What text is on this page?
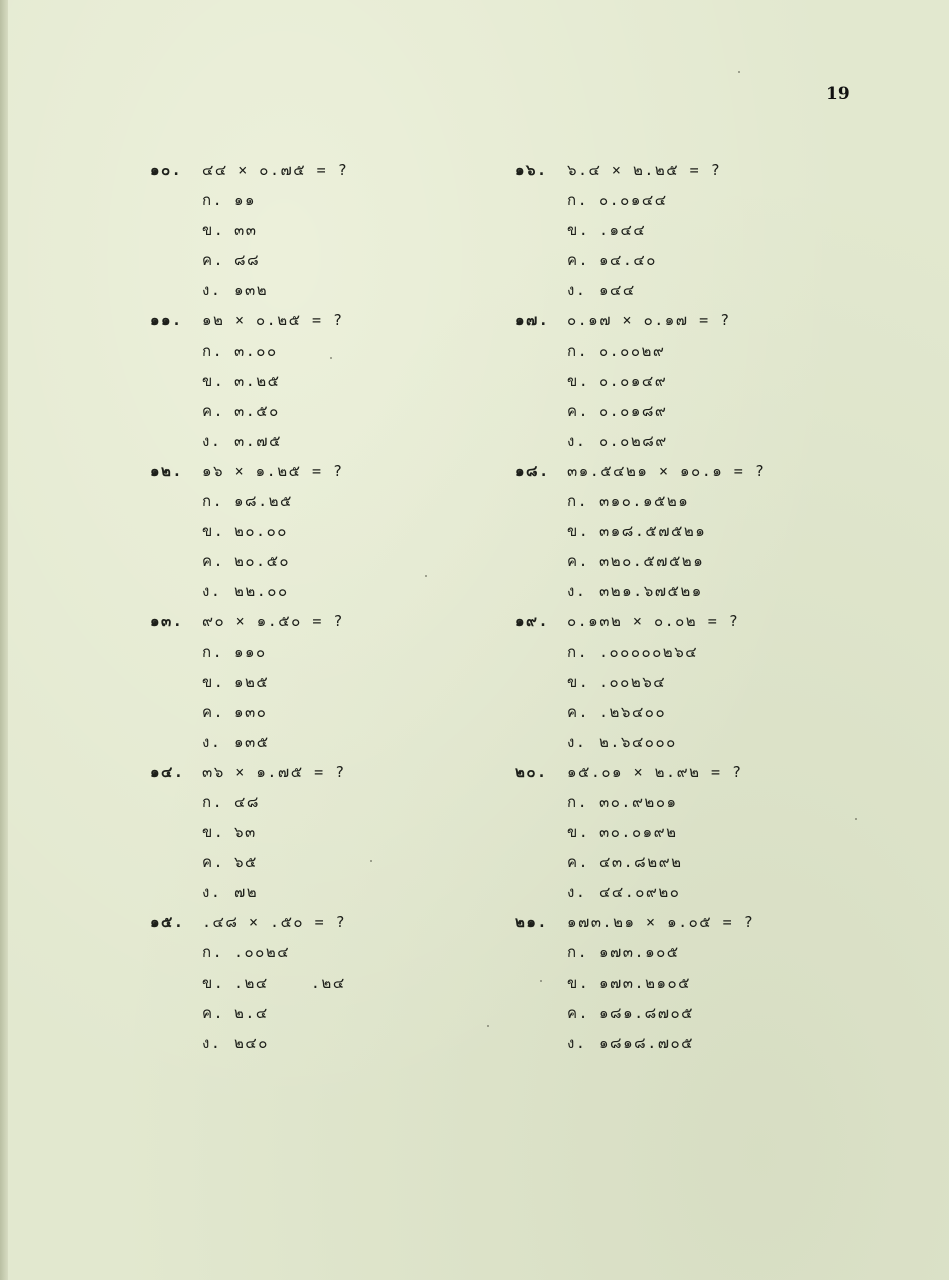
19
๑๐. ๔๔ × ๐.๗๕ = ?
ก. ๑๑
ข. ๓๓
ค. ๘๘
ง. ๑๓๒
๑๑. ๑๒ × ๐.๒๕ = ?
ก. ๓.๐๐
ข. ๓.๒๕
ค. ๓.๕๐
ง. ๓.๗๕
๑๒. ๑๖ × ๑.๒๕ = ?
ก. ๑๘.๒๕
ข. ๒๐.๐๐
ค. ๒๐.๕๐
ง. ๒๒.๐๐
๑๓. ๙๐ × ๑.๕๐ = ?
ก. ๑๑๐
ข. ๑๒๕
ค. ๑๓๐
ง. ๑๓๕
๑๔. ๓๖ × ๑.๗๕ = ?
ก. ๔๘
ข. ๖๓
ค. ๖๕
ง. ๗๒
๑๕. .๔๘ × .๕๐ = ?
ก. .๐๐๒๔
ข. .๒๔    .๒๔
ค. ๒.๔
ง. ๒๔๐
๑๖. ๖.๔ × ๒.๒๕ = ?
ก. ๐.๐๑๔๔
ข. .๑๔๔
ค. ๑๔.๔๐
ง. ๑๔๔
๑๗. ๐.๑๗ × ๐.๑๗ = ?
ก. ๐.๐๐๒๙
ข. ๐.๐๑๔๙
ค. ๐.๐๑๘๙
ง. ๐.๐๒๘๙
๑๘. ๓๑.๕๔๒๑ × ๑๐.๑ = ?
ก. ๓๑๐.๑๕๒๑
ข. ๓๑๘.๕๗๕๒๑
ค. ๓๒๐.๕๗๕๒๑
ง. ๓๒๑.๖๗๕๒๑
๑๙. ๐.๑๓๒ × ๐.๐๒ = ?
ก. .๐๐๐๐๐๒๖๔
ข. .๐๐๒๖๔
ค. .๒๖๔๐๐
ง. ๒.๖๔๐๐๐
๒๐. ๑๕.๐๑ × ๒.๙๒ = ?
ก. ๓๐.๙๒๐๑
ข. ๓๐.๐๑๙๒
ค. ๔๓.๘๒๙๒
ง. ๔๔.๐๙๒๐
๒๑. ๑๗๓.๒๑ × ๑.๐๕ = ?
ก. ๑๗๓.๑๐๕
ข. ๑๗๓.๒๑๐๕
ค. ๑๘๑.๘๗๐๕
ง. ๑๘๑๘.๗๐๕
